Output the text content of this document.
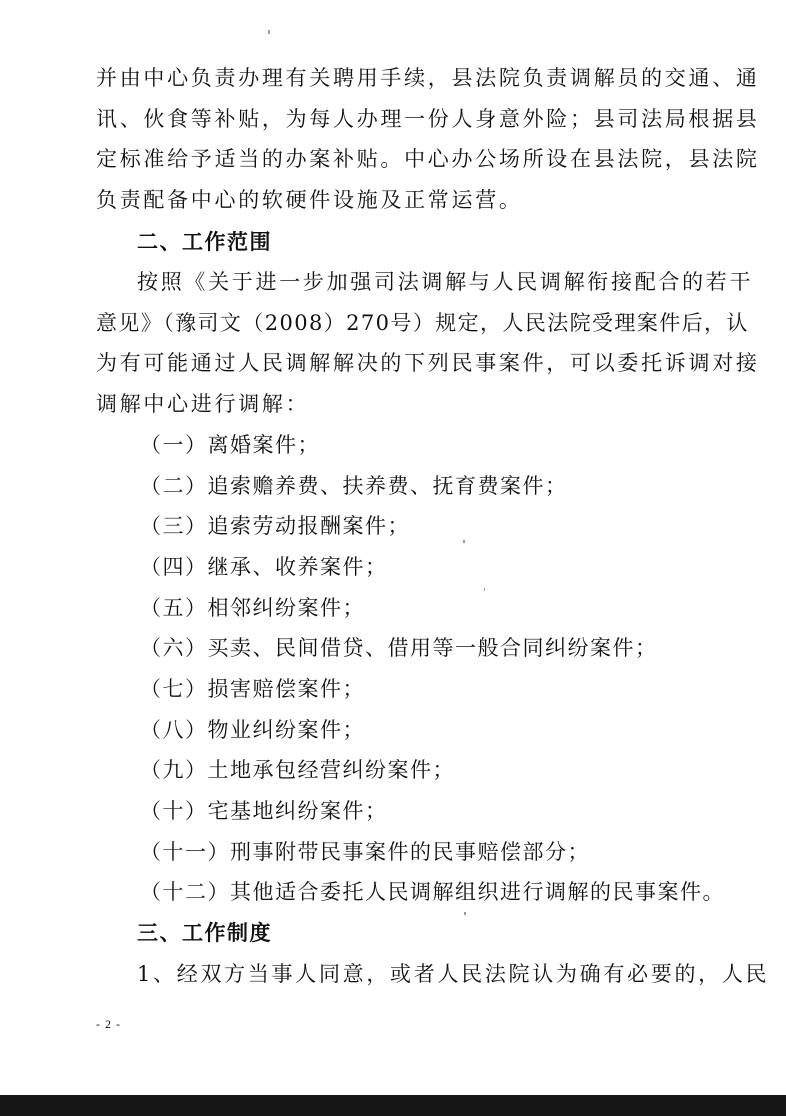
并由中心负责办理有关聘用手续，县法院负责调解员的交通、通
讯、伙食等补贴，为每人办理一份人身意外险；县司法局根据县
定标准给予适当的办案补贴。中心办公场所设在县法院，县法院
负责配备中心的软硬件设施及正常运营。
二、工作范围
按照《关于进一步加强司法调解与人民调解衔接配合的若干
意见》（豫司文（2008）270号）规定，人民法院受理案件后，认
为有可能通过人民调解解决的下列民事案件，可以委托诉调对接
调解中心进行调解：
（一）离婚案件；
（二）追索赡养费、扶养费、抚育费案件；
（三）追索劳动报酬案件；
（四）继承、收养案件；
（五）相邻纠纷案件；
（六）买卖、民间借贷、借用等一般合同纠纷案件；
（七）损害赔偿案件；
（八）物业纠纷案件；
（九）土地承包经营纠纷案件；
（十）宅基地纠纷案件；
（十一）刑事附带民事案件的民事赔偿部分；
（十二）其他适合委托人民调解组织进行调解的民事案件。
三、工作制度
1、经双方当事人同意，或者人民法院认为确有必要的，人民
- 2 -
